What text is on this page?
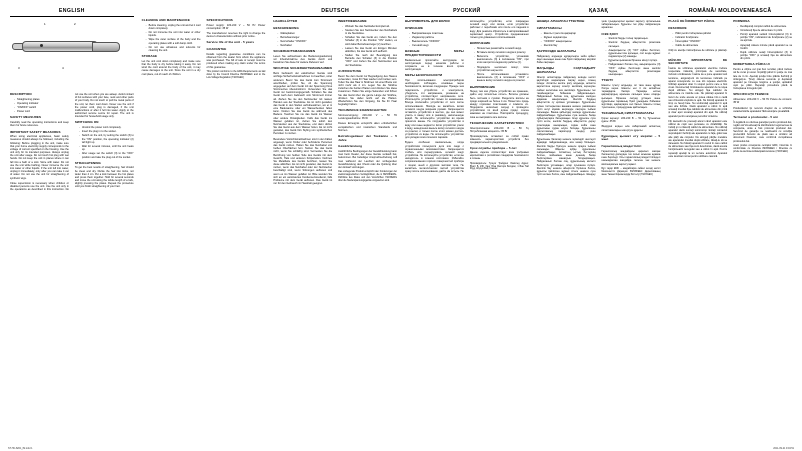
ENGLISH
1	2
3	4
DESCRIPTION
- Straightening plates
- Operating indicator
- "ON/OFF" switch
- Power cord
SAFETY MEASURES

Carefully read the operating instructions and keep them for future reference.

IMPORTANT SAFETY MEASURES

When using electrical appliances, basic safety measures should always be followed, including the following: Before plugging in the unit, make sure that your home electricity supply corresponds to the voltage of current specified on the housing. Use the unit only for its intended purposes. Always unplug the unit after usage. Do not touch hot plug with wet hands. Do not keep the unit in places where it can fall into a bath or a sink. Store with water. Do not use the unit while bathing. Never immerse the unit into water or other liquids. If the unit fell into water, unplug it immediately, only after you can take it out of water. Do not use the unit for straightening of synthetic wigs.

Close supervision is necessary when children or disabled persons use the unit. Use the unit only in the operations as described in this instruction. Do not use the unit when you are asleep. Avoid contact of hot surfaces with your face, neck and other parts of your body. Do not touch or pull the metal parts of the unit, let them cool down. Never use the unit if the power cord, plug is damaged, if the unit malfunctions or after it fell into water. Apply to the authorized service centre for repair. The unit is intended for household usage only.

SWITCHING ON
- Unwind the power cord completely.
- Insert the plug in to the socket.
- Switch on the unit, by setting the switch (3) to the "ON" position, the operating indicator (2) will light up.
- Wait for several minutes, until the unit heats up.
- After usage set the switch (3) to the "OFF" position and take the plug out of the socket.
STRAIGHTENING

To get the best results of straightening, hair should be clean and dry. Divide the hair into locks, not wider than 4 cm. Put a lock between the hot plates and press them together. Hold for several seconds and move the unit along the whole length of a lock, slightly pressing the plates. Repeat the procedure until you finish straightening of your hair.

CLEANING AND MAINTENANCE
- Before cleaning, unplug the unit and let it cool down completely.
- Do not immerse the unit into water or other liquids.
- Wipe the outer surface of the body and the operating plates with a soft damp cloth.
- Do not use abrasives and solvents for cleaning the unit.
STORAGE

Let the unit cool down completely and make sure that the body is dry before taking it away. Do not wind the cord around the body of the unit, it may cause damages to the unit. Store the unit in a dry cool place, out of reach of children.

SPECIFICATIONS

Power supply: 220-240 V ~ 50 Hz Power consumption: 35 W

The manufacturer reserves the right to change the device's characteristics without prior notice.

Service life of the unit - 5 years
GUARANTEE

Details regarding guarantee conditions can be obtained from the dealer from whom the appliance was purchased. The bill of sale or receipt must be produced when making any claim under the terms of this guarantee.

This product conforms to the EMC-Requirements as laid down by the Council Directive 89/336/EEC and to the Low Voltage Regulation (73/23 EEC)

DEUTSCH
HAARGLÄTTER
BESCHREIBUNG
- Glätteplatten
- Betriebsanzeiger
- Netzschalter "ON/OFF"
- Netzkabel
SICHERHEITSMAßNAHMEN

Lesen Sie aufmerksam die Bedienungsanleitung vor Inbetriebnahme des Geräts durch und bewahren Sie diese für weitere Referenz auf.

WICHTIGE SICHERHEITSMAßNAHMEN

Beim Gebrauch der elektrischen Geräte sind wichtige Sicherheitsmaßnahmen zu beachten, unter anderem: Bevor Sie das Gerät zum Stromnetz anschließen, prüfen Sie, ob die Spannung angegeben auf dem Gerät mit der Spannung Ihres Stromnetzes übereinstimmt. Verwenden Sie das Gerät nur bestimmungsgemäß. Schalten Sie das Gerät nach dem Gebrauch vom Stromnetz immer ab. Ziehen Sie nie den Netzstecker mit nassen Händen aus der Steckdose. Es ist nicht gestattet, das Gerät in den Stellen aufzubewahren, wo er in eine Badewanne oder ein Wasserbecken fallen kann. Nutzen Sie das Gerät nie während des Badens. Tauchen Sie nie das Gerät ins Wasser oder andere Flüssigkeiten. Falls das Gerät ins Wasser gefallen ist, ziehen Sie sofort den Netzstecker aus der Steckdose, erst dann dürfen Sie das Gerät aus dem Wasser holen. Es ist nicht gestattet, das Gerät fürs Styling von synthetischen Perücken zu nutzen.

Besondere Vorsichtsmaßnahmen sind in den Fällen angesagt, wenn Kinder oder behinderte Personen das Gerät nutzen. Halten Sie das Netzkabel von heißen Oberflächen fern. Nutzen Sie das Gerät nicht, wenn Sie schläfrig sind. Vermeiden Sie die Berührung von heißen Teile des Geräts mit dem Gesicht, Hals und anderen Körperteilen. Nehmen Sie Metallteile des Geräts berühren, lassen Sie diese abkühlen. Es ist nicht gestattet, das Gerät zu nutzen, wenn das Netzkabel oder der Netzstecker beschädigt sind, wenn Störungen auftreten und wenn es ins Wasser gefallen ist. Bitte wenden Sie sich an ein autorisiertes Kundenservicedienst, falls Probleme mit dem Gerät auftreten. Das Gerät ist nur für den Gebrauch im Haushalt geeignet.

INBETRIEBNAHME
- Wickeln Sie das Netzkabel komplett ab.
- Stecken Sie den Netzstecker des Netzkabels in die Steckdose.
- Schalten Sie das Gerät ein, indem Sie den Schalter (3) in die Position "ON" stellen, es wird dabei Betriebsanzeiger (2) leuchten.
- Lassen Sie das Gerät ein Einigen Minuten abkühlen, bis das Gerät sich aufheizt.
- Stellen Sie nach der Beendigung des Betriebs den Schalter (3) in die Position "OFF" und ziehen Sie den Netzstecker aus der Steckdose.
AUFRICHTUNG

Bevor Sie dem Gerät zur Begradigung des Haares verwenden, muss Ihr Haar sauber und trocken sein. Teilen Sie das Haar in Strähnen mit einer Breite von nicht mehr als 4 cm. Legen Sie die Strähne zwischen die heißen Platten und drücken Sie diese zusammen. Halten Sie einige Sekunden und führen Sie das Gerät über die ganze Länge der Strähne, drücken Sie dabei leicht auf die Platten. Wiederholen Sie den Vorgang, bis Sie Ihr Haar begradigt haben.

TECHNISCHE EIGENSCHAFTEN

Stromversorgung: 220-240 V ~ 50 Hz Leistungsaufnahme: 35 W

Dieses Erzeugnis entspricht allen erforderlichen europäischen und russischen Standards und Normen.

Betriebsgedauer der Teekanne – 5 Jahre
Gewährleistung

Ausführliche Bedingungen der Gewährleistung kann man beim Dealer, der diese Geräte verkauft hat, bekommen. Bei beliebiger Anspruchserhebung soll man während der Laufzeit der vorliegenden Gewährleistung den Check oder die Quittung über den Ankauf vorzulegen.

Das vorliegende Produkt entspricht den Forderungen der elektromagnetischen Verträglichkeit, die in 89/336/EWG-Richtlinie des Rates und den Vorschriften 73/23/EWG über die Niederspannungsgeräte vorgesehen sind.

РУССКИЙ
ВЫПРЯМИТЕЛЬ ДЛЯ ВОЛОС
ОПИСАНИЕ
- Выпрямляющие пластины
- Индикатор работы
- Выключатель "ON/OFF"
- Сетевой шнур
ВАЖНЫЕ МЕРЫ ПРЕДОСТОРОЖНОСТИ

Внимательно прочитайте инструкцию по эксплуатации перед началом работы и сохраните ее в течение всего срока эксплуатации.

МЕРЫ БЕЗОПАСНОСТИ

При использовании электроприборов необходимо соблюдать основные меры безопасности, включая следующие: Прежде чем подключить устройство к электросети, убедитесь, что напряжение, указанное на устройстве, соответствует напряжению сети. Используйте устройство только по назначению. Всегда отключайте устройство от сети после использования. Никогда не касайтесь вилки сетевого шнура мокрыми руками. Запрещается оставлять устройство в местах, где оно может упасть в ванну или в раковину, наполненную водой. Не используйте устройство во время принятия ванны. Не погружайте устройство в воду или иные жидкости. Если устройство упало в воду, немедленно выньте вилку сетевого шнура из розетки, и только после этого можно достать устройство из воды. Не используйте устройство для укладки синтетических париков.

Будьте особенно внимательны, когда устройством пользуются дети или люди с ограниченными возможностями. Запрещается сгибать или перекручивать сетевой шнур устройства. Не используйте устройство, если вы находитесь в сонном состоянии. Избегайте соприкосновения горячих поверхностей прибора с лицом, шеей и другими частями тела. Не касайтесь металлических частей устройства сразу после использования, дайте им остыть. Не используйте устройство, если поврежден сетевой шнур или вилка, если устройство работает с перебоями или после его падения в воду. Для ремонта обратитесь в авторизованный сервисный центр. Устройство предназначено только для домашнего использования.

ВКЛЮЧЕНИЕ
- Полностью размотайте сетевой шнур.
- Вставьте вилку сетевого шнура в розетку.
- Включите устройство, установив выключатель (3) в положение "ON", при этом загорится индикатор работы (2).
- Подождите несколько минут, пока устройство нагреется.
- После использования установите выключатель (3) в положение "OFF" и выньте вилку сетевого шнура из розетки.
ВЫПРЯМЛЕНИЕ

Перед тем как убрать устройство на хранение, дайте ему полностью остыть. Волосы должны быть чистыми и сухими. Разделите волосы на пряди шириной не более 4 см. Поместите прядь между горячими пластинами и сожмите их. Подержите несколько секунд и проведите устройством по всей длине пряди, слегка нажимая на пластины. Повторяйте процедуру, пока не выпрямите все волосы.

ТЕХНИЧЕСКИЕ ХАРАКТЕРИСТИКИ

Электропитание: 220-240 В ~ 50 Гц Потребляемая мощность: 35 Вт

Производитель оставляет за собой право изменять характеристики устройств без предварительного уведомления.

Срок службы прибора – 5 лет

Данное изделие соответствует всем требуемым европейским и российским стандартам безопасности и гигиены.

Производитель: Тушунг Трейдинг Лимитед Адрес: Юнит Б, 2/Ф, Хинг Юэн Фэктори Билдинг, 1 Ван Тай Роуд, Коулун Бэй, Гонконг

ҚАЗАҚ
ШАШҚА АРНАЛҒАН ТҮЗЕТКІШ
СИПАТТАМАСЫ
- Шашты түзететін қақпақтар
- Жұмыс индикаторы
- "ON/OFF" ажыратқышы
- Желілік бау
ҚАУІПСІЗДІК ШАРАЛАРЫ

Пайдалану алдында нұсқаулықты зейін қойып оқып шығыңыз және оны бүкіл пайдалану мерзімі бойы сақтаңыз.

МАҢЫЗДЫ САҚТАНДЫРУ ШАРАЛАРЫ

Электр аспаптарды пайдалану кезінде негізгі қауіпсіздік шараларын сақтау керек, соның ішінде: Аспапты желіге қосу алдында, аспапта көрсетілген кернеу электр желісінің кернеуіне сәйкес келетініне көз жеткізіңіз. Құрылғыны тек тағайындалуы бойынша пайдаланыңыз. Пайдаланып болған соң, құрылғыны желіден әрқашан ажыратыңыз. Желілік баудың айыртетігін су қолмен ұстамаңыз. Құрылғыны сумен толтырылған ваннаға немесе раковинаға түсіп кетуі мүмкін жерлерде сақтауға тыйым салынады. Ванна қабылдау кезінде құрылғыны пайдаланбаңыз. Құрылғыны суға немесе басқа сұйықтықтарға батырмаңыз. Егер құрылғы суға түсіп кетсе, желілік баудың айыртетігін дереу розеткадан шығарыңыз, содан кейін ғана құрылғыны судан алуға болады. Құрылғыны синтетикалық париктерді сәндеу үшін пайдаланбаңыз.

Құрылғыны балалар немесе мүмкіндігі шектеулі адамдар пайдаланғанда, аса назар болыңыз. Желілік бауды бүктеуге немесе орауға тыйым салынады. Ұйқылы күйде құрылғыны пайдаланбаңыз. Аспаптың ыстық беттерінің бетпен, мойынмен және дененің басқа бөліктерімен жанасуын болдырмаңыз. Пайдаланып болған соң, құрылғының металл бөліктерін ұстамаңыз, олар суығанша күтіңіз. Желілік бау немесе айыртетік бүлінген болса, құрылғы іркіліспен жұмыс істесе немесе суға түсіп кеткен болса, оны пайдаланбаңыз. Жөндеу үшін туындыгерлес қызмет көрсету орталығына хабарласыңыз. Құрылғы тек үйде пайдалануға арналған.

ІСКЕ ҚОСУ
- Желілік бауды толық тарқатыңыз.
- Желілік баудың айыртетігін розеткаға салыңыз.
- Ажыратқышты (3) "ON" күйіне белгілеп, құрылғыны іске қосыңыз, сол кезде жұмыс индикаторы (2) жанады.
- Құрылғы қызғанша бірнеше минут күтіңіз.
- Пайдаланып болған соң, ажыратқышты (3) "OFF" күйіне белгілеңіз және желілік баудың айыртетігін розеткадан шығарыңыз.
ТҮЗЕТУ

Шашты түзету алдында, ол таза және құрғақ болуы керек. Шашты ені 4 см аспайтын тарамдарға бөліңіз. Тарамды ыстық қақпақтардың арасына салыңыз және оларды қысыңыз. Бірнеше секунд ұстаңыз және құрылғыны тарамның бүкіл ұзындығы бойымен жүргізіңіз, қақпақтарға сәл басып. Шашты толық түзеткенше, процедураны қайталаңыз.

ТЕХНИКАЛЫҚ СИПАТТАМАЛАРЫ

Қорек кернеуі: 220-240 В ~ 50 Гц Тұтынатын қуаты: 35 Вт

Өндіруші алдын ала хабарламай аспаптың сипаттамаларын өзгертуге құқылы.

Құралдың қызмет ету мерзімі – 5 жыл
Гарантиялық мiндеттiлiгi

Гарантиялық жағдайдағы қаралып жатқан бөлшектер дилерден тек сатып алынған адамға ғана берiледi. Осы гарантиялық мiндеттiлiгiндегi шағымдалған жағдайда төлеген чек немесе квитанциясын көрсетуi қажет.

Бұл тауар ЕМС – жағдайларға сәйкес келедi негiзгi Мемлекеттiк Дирекция 89/336/EEC Дерективаның және Төменгi Ережелердiң Реттелуi (73/23 EEC)

ROMÂNĂ/ MOLDOVENEASCĂ
PLACĂ DE ÎNDREPTAT PĂRUL
DESCRIERE
- Plăci pentru îndreptarea părului
- Indicator funcţionare
- Întrerupător "ON/OFF"
- Cablu de alimentare

Citiţi cu atenţie instrucţiunea de utilizare şi păstraţi-o.

MĂSURI IMPORTANTE DE SECURITATE

Înainte de utilizarea aparatelor electrice trebuie respectate măsurile principale de securitate, inclusiv următoarele: Înainte de a pune aparatul sub tensiune, asiguraţi-vă că tensiunea indicată pe aparat corespunde cu cea din reţeaua electrică. Utilizaţi aparatul doar în scopul pentru care a fost creat. Deconectaţi întotdeauna aparatul de la reţea după utilizare. Nu atingeţi fişa cablului de alimentare cu mâinile ude. Nu păstraţi aparatul în locuri de unde acesta ar putea cădea într-o cadă sau chiuvetă umplută cu apă. Nu folosiţi aparatul în timp ce faceţi baie. Nu scufundaţi aparatul în apă sau alte lichide. Dacă aparatul a căzut în apă scoateţi imediat fişa cablului de alimentare din priză şi doar apoi scoateţi aparatul din apă. Nu utilizaţi aparatul pentru aranjarea perucilor sintetice.

Fiţi deosebit de precauţi atunci când aparatul este utilizat de copii sau persoane cu dizabilităţi. Nu îndoiţi şi nu răsuciţi cablul de alimentare. Nu utilizaţi aparatul dacă sunteţi somnoroşi. Evitaţi contactul suprafeţelor fierbinţi ale aparatului cu faţa, gâtul sau alte părţi ale corpului. Nu atingeţi părţile metalice ale aparatului imediat după utilizare, lăsaţi-le să se răcească. Nu folosiţi aparatul în cazul în care cablul de alimentare sau fişa sunt deteriorate, dacă acesta funcţionează neregulat sau a căzut în apă. Pentru reparaţii apelaţi la un service autorizat. Aparatul este destinat numai pentru utilizare casnică.

PORNIREA
- Desfăşuraţi complet cablul de alimentare.
- Introduceţi fişa de alimentare în priză.
- Porniţi aparatul setând întrerupătorul (3) în poziţia "ON", indicatorul de funcţionare (2) se va aprinde.
- Aşteptaţi câteva minute până aparatul se va încălzi.
- După utilizare setaţi întrerupătorul (3) în poziţia "OFF" şi scoateţi fişa de alimentare din priză.
NDREPTAREA PĂRULUI

Pentru a obţine cel mai bun rezultat, părul trebuie să fie curat şi uscat. Împărţiţi părul în şuviţe nu mai late de 4 cm. Aşezaţi şuviţa între plăcile fierbinţi şi strângeţi-le. Ţineţi câteva secunde şi deplasaţi aparatul pe întreaga lungime a şuviţei, apăsând uşor pe plăci. Repetaţi procedura până la îndreptarea întregului păr.

SPECIFICAŢII TEHNICE

Alimentare: 220-240 V ~ 50 Hz Putere de consum: 35 W

Producătorul îşi rezervă dreptul de a schimba caracteristicile aparatelor fără anunţare prealabilă.

Termenul a produsului - 5 ani

În legătură cu oferirea garanţiei pentru produsul dat, rugăm să Vă adresaţi la distribuitorul regional sau la compania, unde a fost procurat produsul dat. Serviciul de garanţie se realizează cu condiţia prezentării bonului de plată sau a oricărui alt document financiar, care confirmă cumpărarea produsului dat.

Acest produs corespunde cerinţelor EMC, întocmite în conformitate cu Directiva 89/336/EEC i Directiva cu privire la electrosecuritate/joasă tensiune (73/23 EEC)

ST-HC-8201_IM.indd 1	2011-09-21 9:04:51
